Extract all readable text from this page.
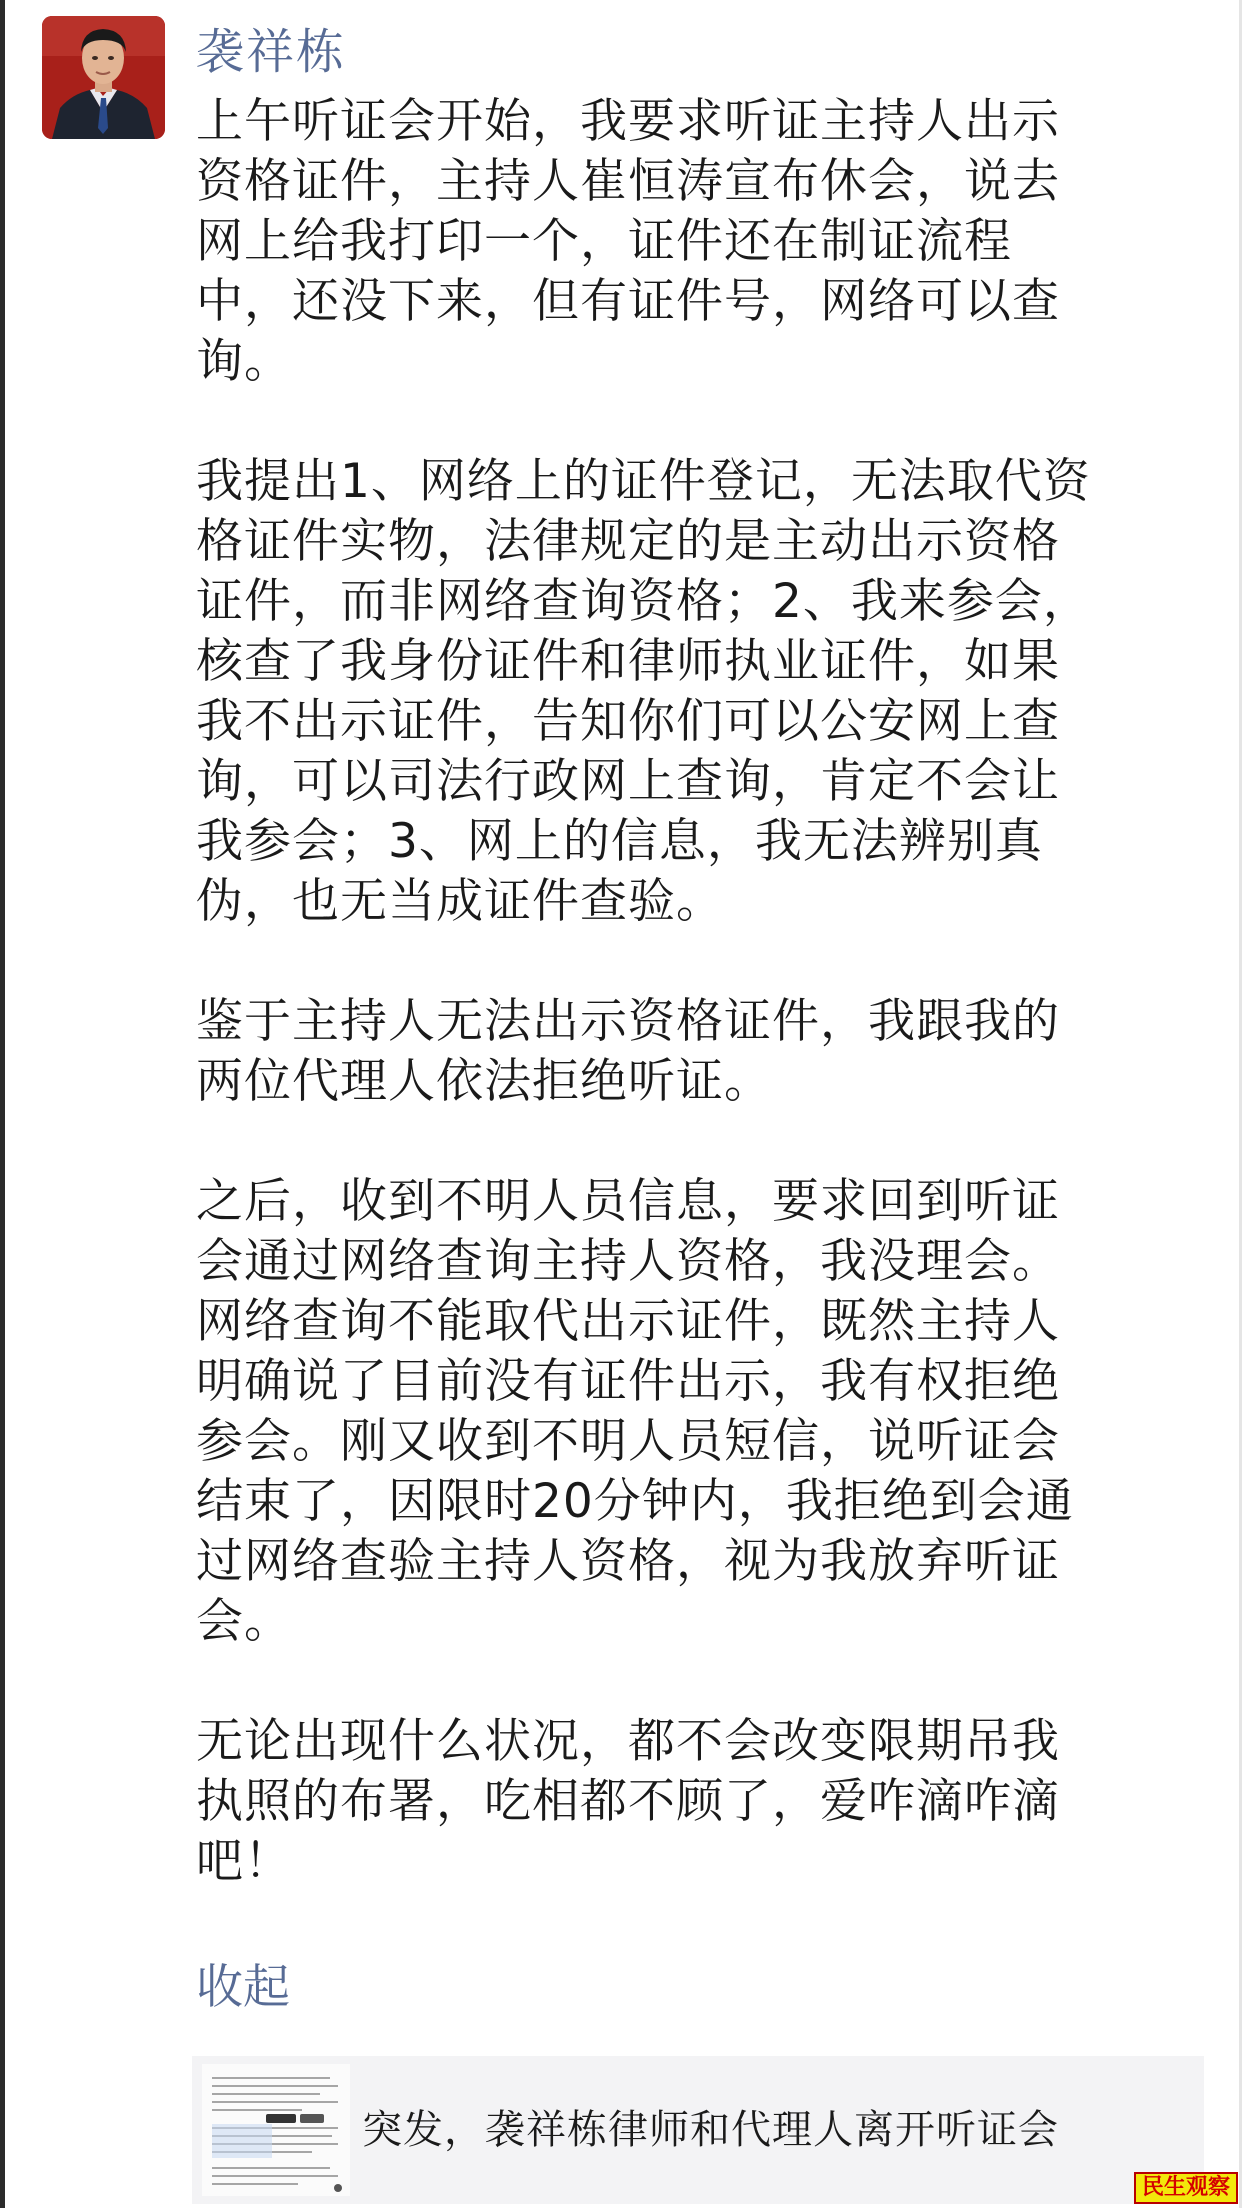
袭祥栋

上午听证会开始，我要求听证主持人出示
资格证件，主持人崔恒涛宣布休会，说去
网上给我打印一个，证件还在制证流程
中，还没下来，但有证件号，网络可以查
询。

我提出1、网络上的证件登记，无法取代资
格证件实物，法律规定的是主动出示资格
证件，而非网络查询资格；2、我来参会，
核查了我身份证件和律师执业证件，如果
我不出示证件，告知你们可以公安网上查
询，可以司法行政网上查询，肯定不会让
我参会；3、网上的信息，我无法辨别真
伪，也无当成证件查验。

鉴于主持人无法出示资格证件，我跟我的
两位代理人依法拒绝听证。

之后，收到不明人员信息，要求回到听证
会通过网络查询主持人资格，我没理会。
网络查询不能取代出示证件，既然主持人
明确说了目前没有证件出示，我有权拒绝
参会。刚又收到不明人员短信，说听证会
结束了，因限时20分钟内，我拒绝到会通
过网络查验主持人资格，视为我放弃听证
会。

无论出现什么状况，都不会改变限期吊我
执照的布署，吃相都不顾了，爱咋滴咋滴
吧！

收起
突发，袭祥栋律师和代理人离开听证会
民生观察
